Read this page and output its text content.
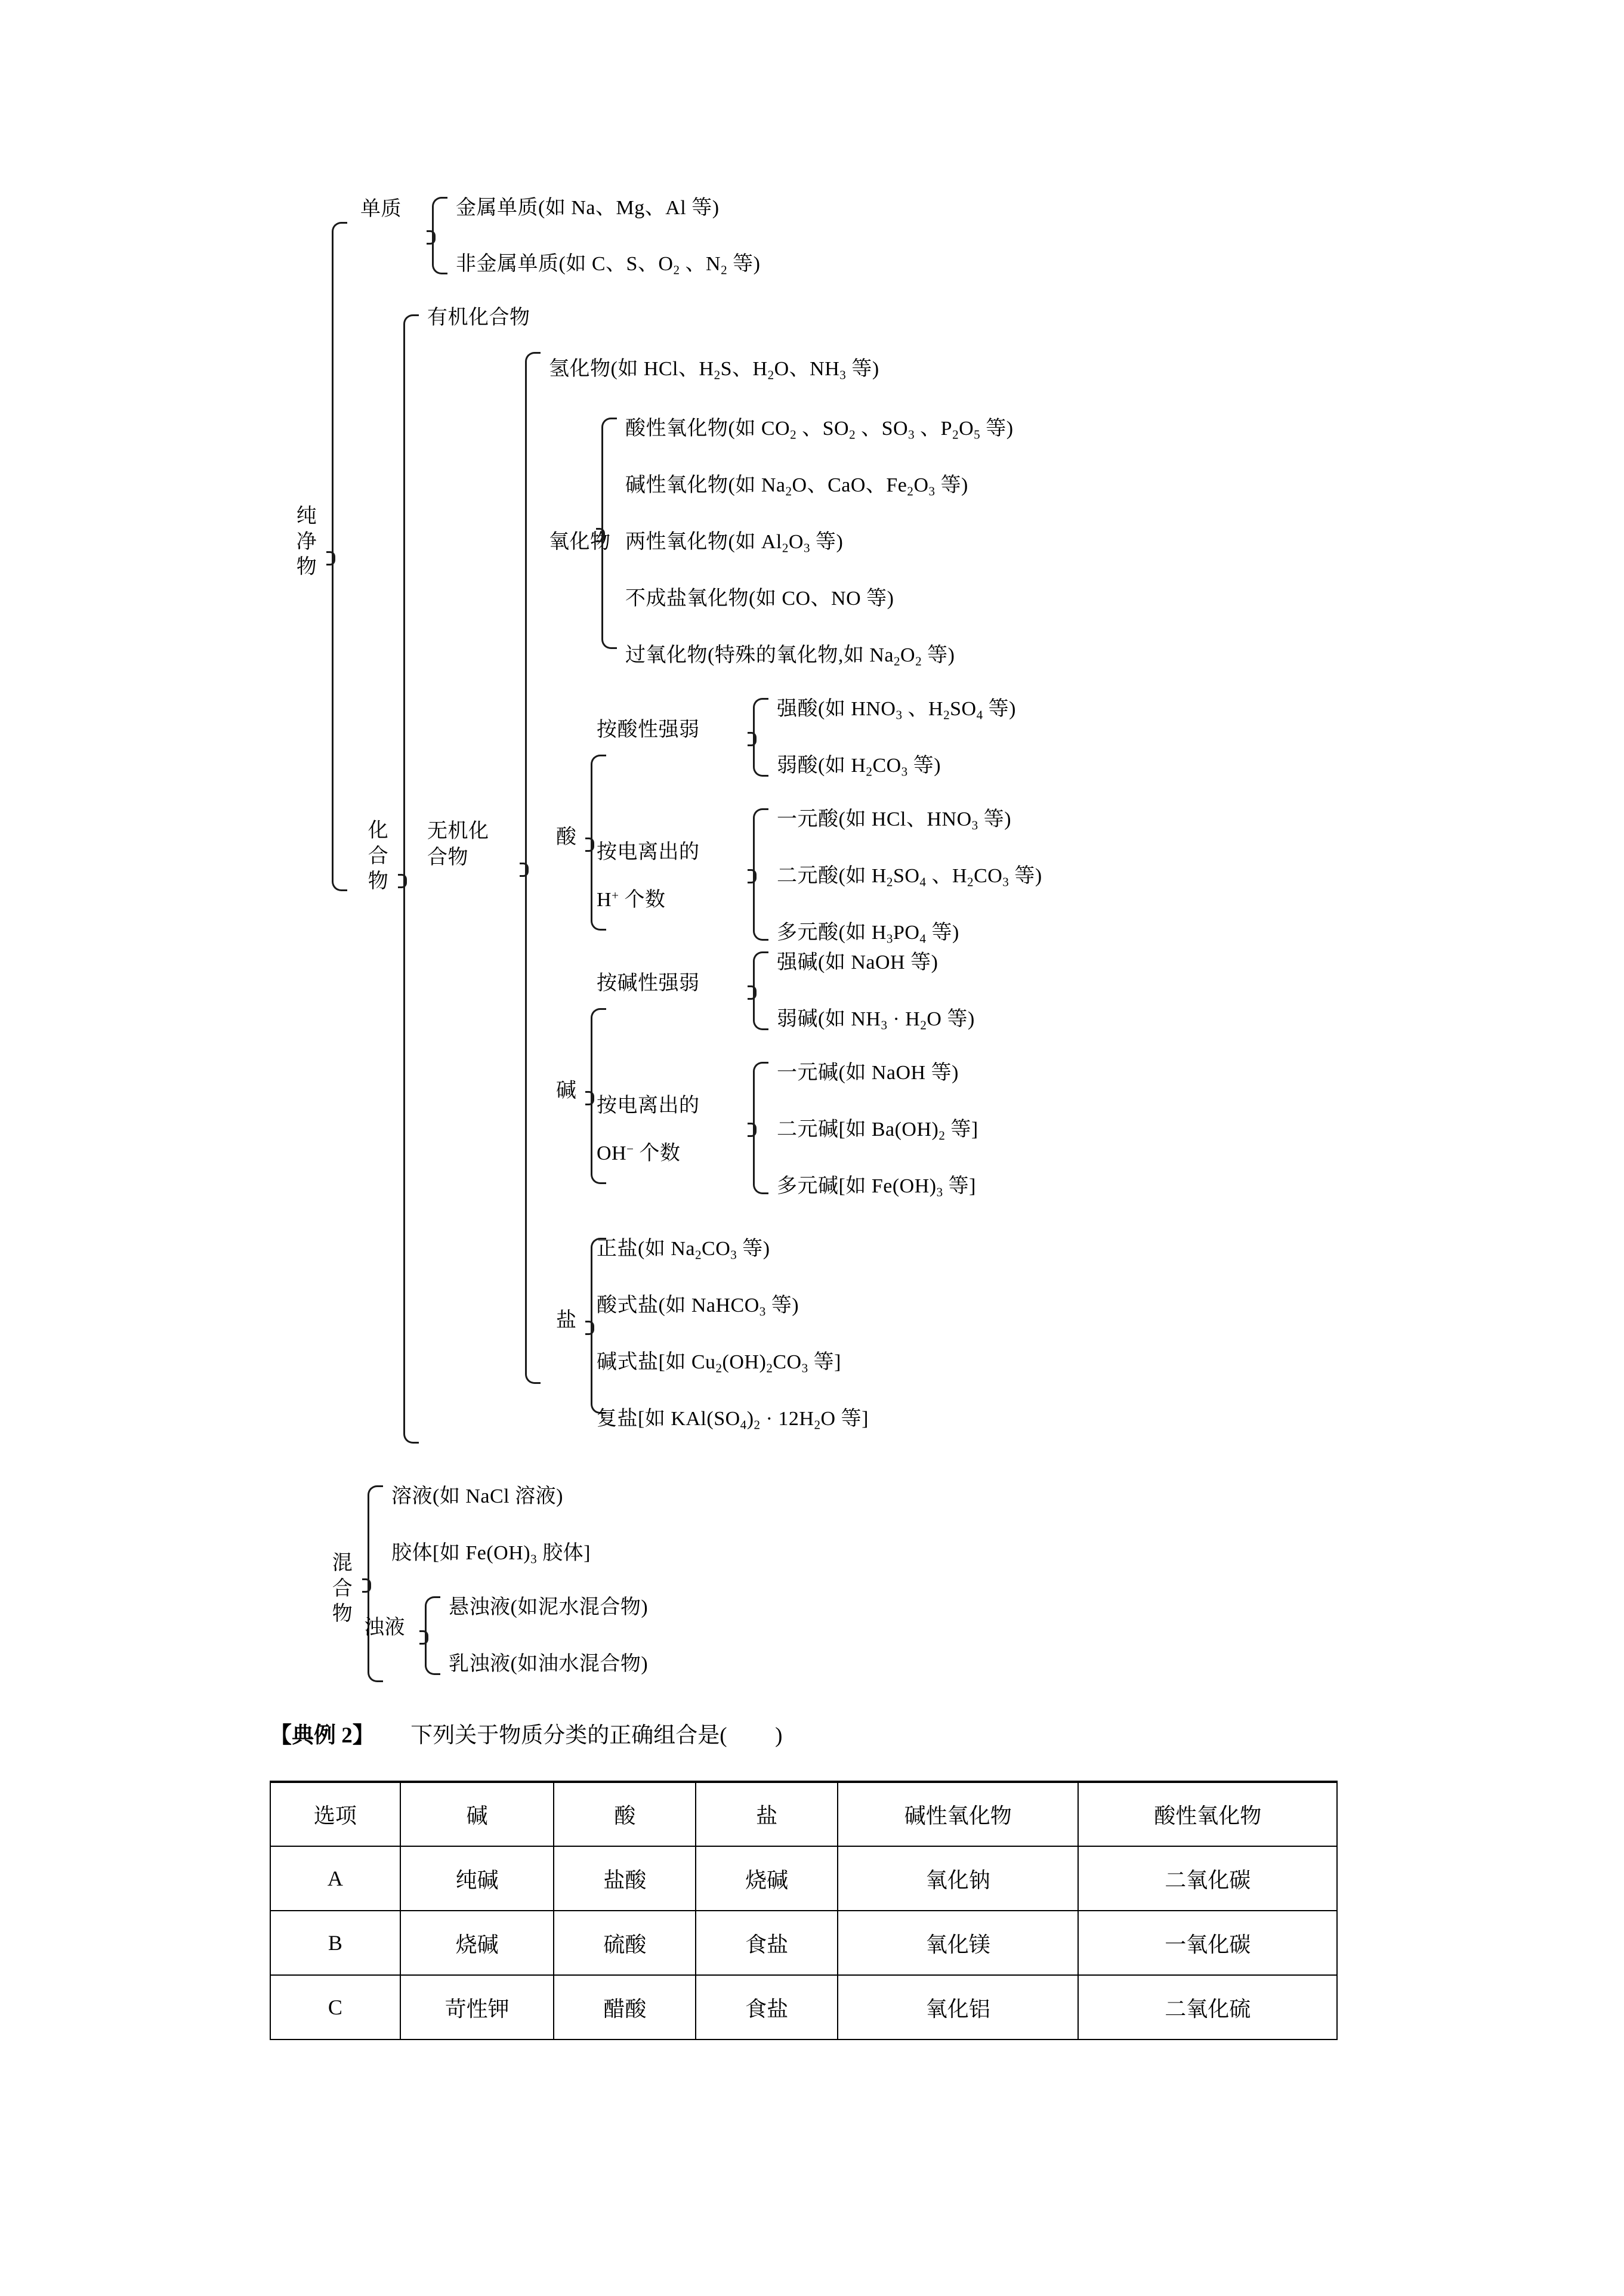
纯净物
单质	金属单质(如 Na、Mg、Al 等)
非金属单质(如 C、S、$O_2$ 、$N_2$ 等)
化合物
有机化合物
无机化
合物
氢化物(如 HCl、$H_2S$、$H_2O$、$NH_3$ 等)
氧化物
酸性氧化物(如 $CO_2$ 、$SO_2$ 、$SO_3$ 、$P_2O_5$ 等)
碱性氧化物(如 $Na_2O$、CaO、$Fe_2O_3$ 等)
两性氧化物(如 $Al_2O_3$ 等)
不成盐氧化物(如 CO、NO 等)
过氧化物(特殊的氧化物,如 $Na_2O_2$ 等)
酸
按酸性强弱
强酸(如 $HNO_3$ 、$H_2SO_4$ 等)
弱酸(如 $H_2CO_3$ 等)
按电离出的
H+ 个数
一元酸(如 HCl、$HNO_3$ 等)
二元酸(如 $H_2SO_4$ 、$H_2CO_3$ 等)
多元酸(如 $H_3PO_4$ 等)
碱
按碱性强弱
强碱(如 NaOH 等)
弱碱(如 $NH_3 \cdot H_2O$ 等)
按电离出的
OH− 个数
一元碱(如 NaOH 等)
二元碱[如 $Ba(OH)_2$ 等]
多元碱[如 $Fe(OH)_3$ 等]
盐
正盐(如 $Na_2CO_3$ 等)
酸式盐(如 NaHCO$_3$ 等)
碱式盐[如 $Cu_2(OH)_2CO_3$ 等]
复盐[如 $KAl(SO_4)_2 \cdot 12H_2O$ 等]
混合物
溶液(如 NaCl 溶液)
胶体[如 $Fe(OH)_3$ 胶体]
浊液
悬浊液(如泥水混合物)
乳浊液(如油水混合物)
【典例 2】 下列关于物质分类的正确组合是( )
选项	碱	酸	盐	碱性氧化物	酸性氧化物
A	纯碱	盐酸	烧碱	氧化钠	二氧化碳
B	烧碱	硫酸	食盐	氧化镁	一氧化碳
C	苛性钾	醋酸	食盐	氧化铝	二氧化硫
